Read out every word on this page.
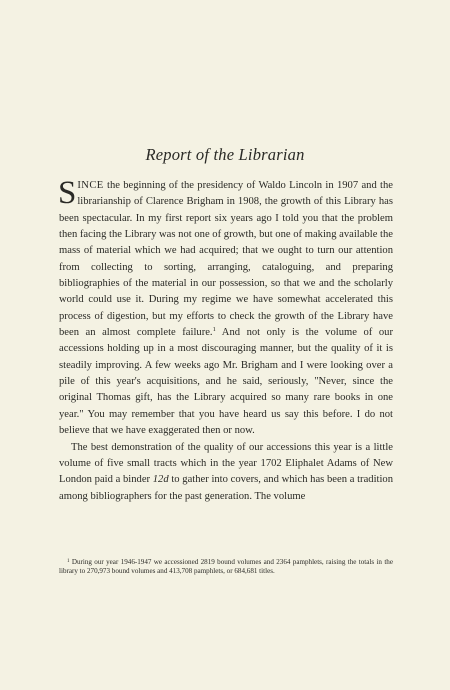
Report of the Librarian

SINCE the beginning of the presidency of Waldo Lincoln in 1907 and the librarianship of Clarence Brigham in 1908, the growth of this Library has been spectacular. In my first report six years ago I told you that the problem then facing the Library was not one of growth, but one of making available the mass of material which we had acquired; that we ought to turn our attention from collecting to sorting, arranging, cataloguing, and preparing bibliographies of the material in our possession, so that we and the scholarly world could use it. During my regime we have somewhat accelerated this process of digestion, but my efforts to check the growth of the Library have been an almost complete failure.$^1$ And not only is the volume of our accessions holding up in a most discouraging manner, but the quality of it is steadily improving. A few weeks ago Mr. Brigham and I were looking over a pile of this year's acquisitions, and he said, seriously, "Never, since the original Thomas gift, has the Library acquired so many rare books in one year." You may remember that you have heard us say this before. I do not believe that we have exaggerated then or now.

The best demonstration of the quality of our accessions this year is a little volume of five small tracts which in the year 1702 Eliphalet Adams of New London paid a binder 12d to gather into covers, and which has been a tradition among bibliographers for the past generation. The volume

$^1$ During our year 1946-1947 we accessioned 2819 bound volumes and 2364 pamphlets, raising the totals in the library to 270,973 bound volumes and 413,708 pamphlets, or 684,681 titles.
